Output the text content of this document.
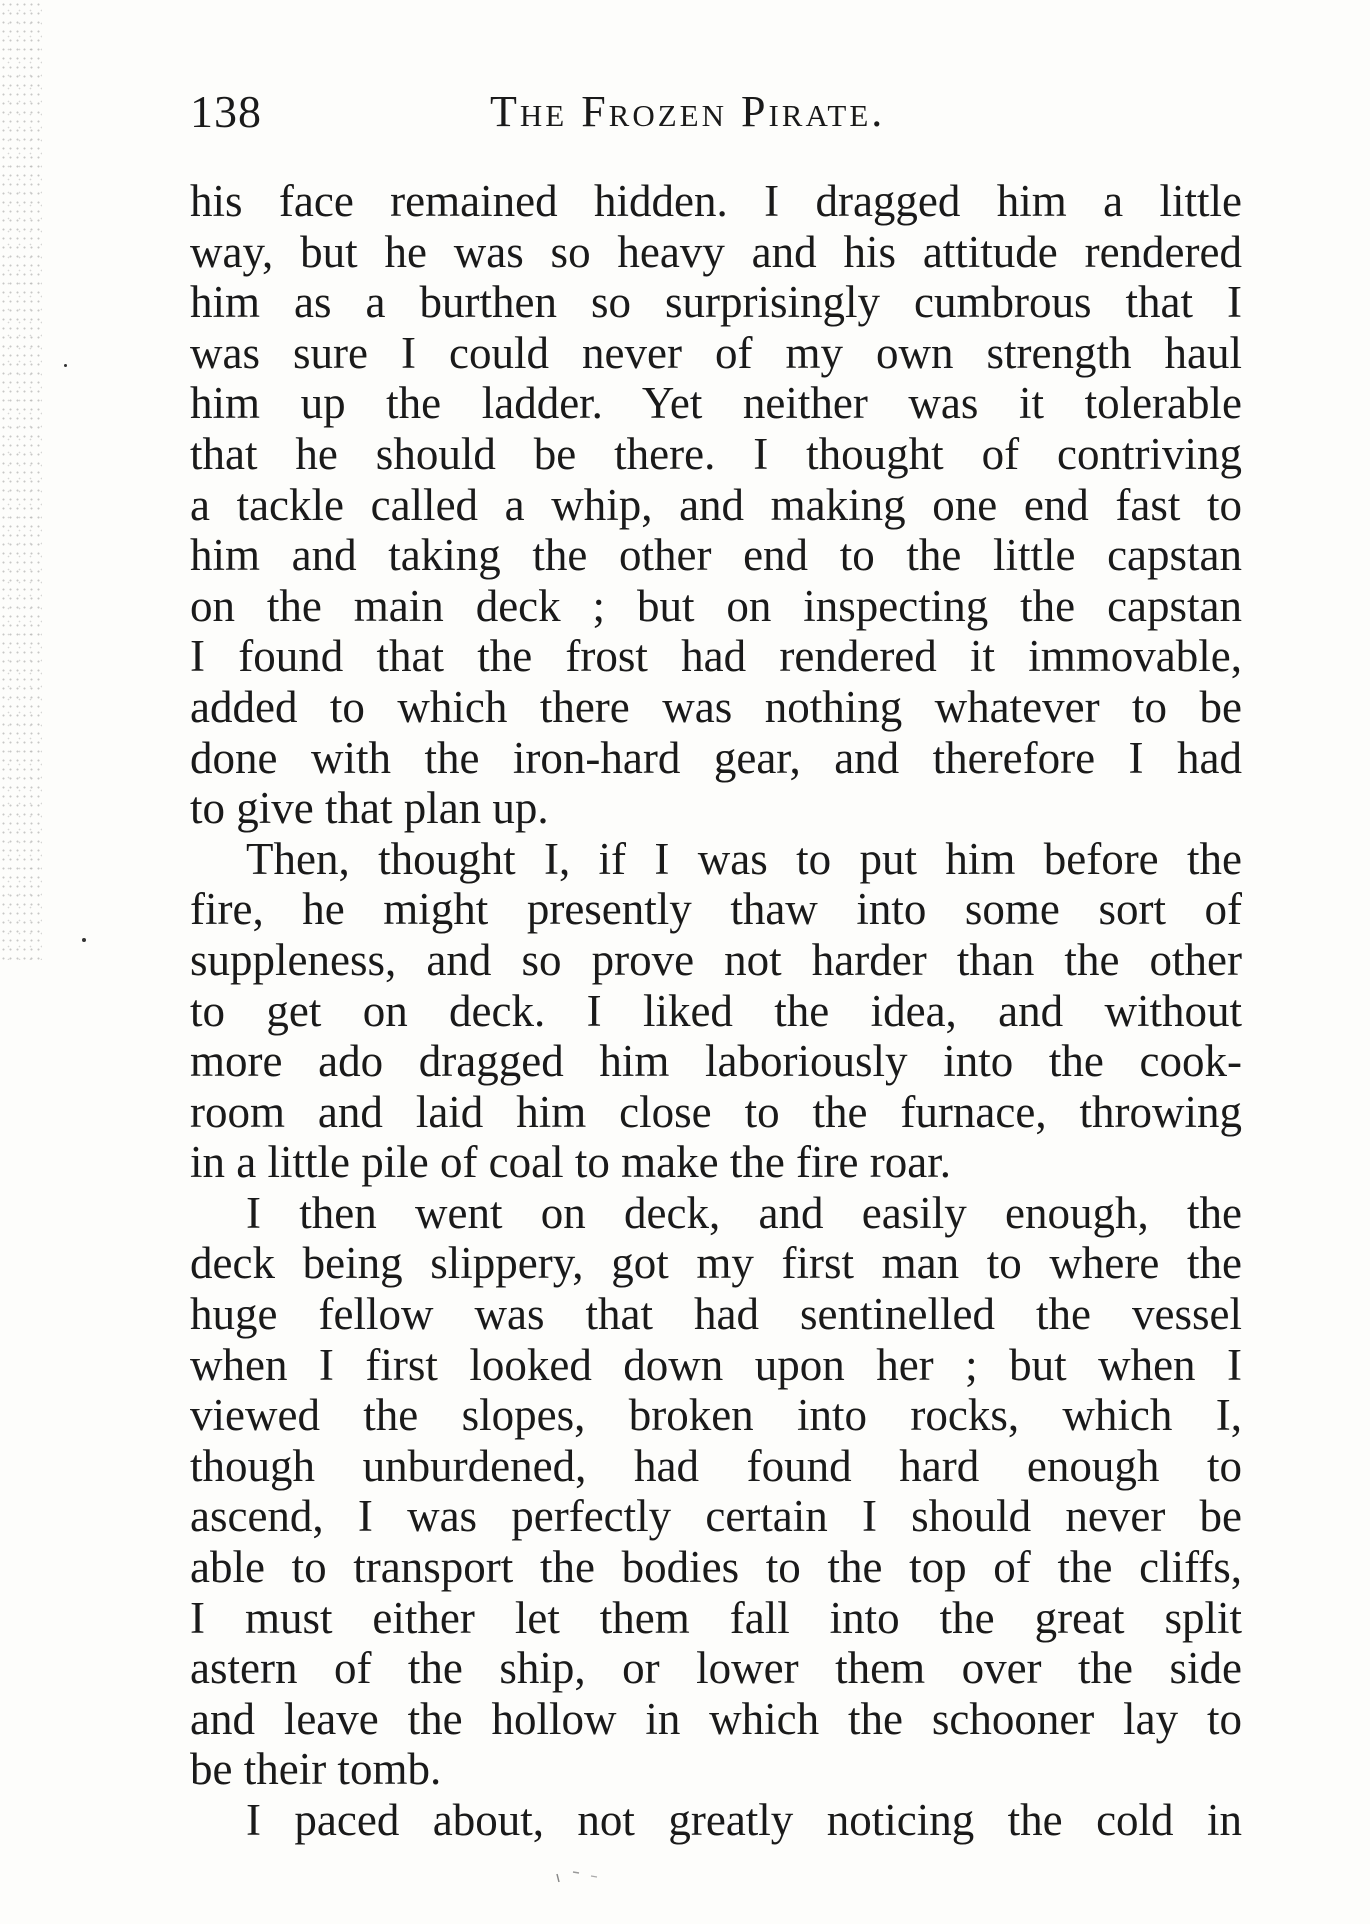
138	The Frozen Pirate.
his face remained hidden. I dragged him a little
way, but he was so heavy and his attitude rendered
him as a burthen so surprisingly cumbrous that I
was sure I could never of my own strength haul
him up the ladder. Yet neither was it tolerable
that he should be there. I thought of contriving
a tackle called a whip, and making one end fast to
him and taking the other end to the little capstan
on the main deck ; but on inspecting the capstan
I found that the frost had rendered it immovable,
added to which there was nothing whatever to be
done with the iron-hard gear, and therefore I had
to give that plan up.
Then, thought I, if I was to put him before the
fire, he might presently thaw into some sort of
suppleness, and so prove not harder than the other
to get on deck. I liked the idea, and without
more ado dragged him laboriously into the cook-
room and laid him close to the furnace, throwing
in a little pile of coal to make the fire roar.
I then went on deck, and easily enough, the
deck being slippery, got my first man to where the
huge fellow was that had sentinelled the vessel
when I first looked down upon her ; but when I
viewed the slopes, broken into rocks, which I,
though unburdened, had found hard enough to
ascend, I was perfectly certain I should never be
able to transport the bodies to the top of the cliffs,
I must either let them fall into the great split
astern of the ship, or lower them over the side
and leave the hollow in which the schooner lay to
be their tomb.
I paced about, not greatly noticing the cold in
